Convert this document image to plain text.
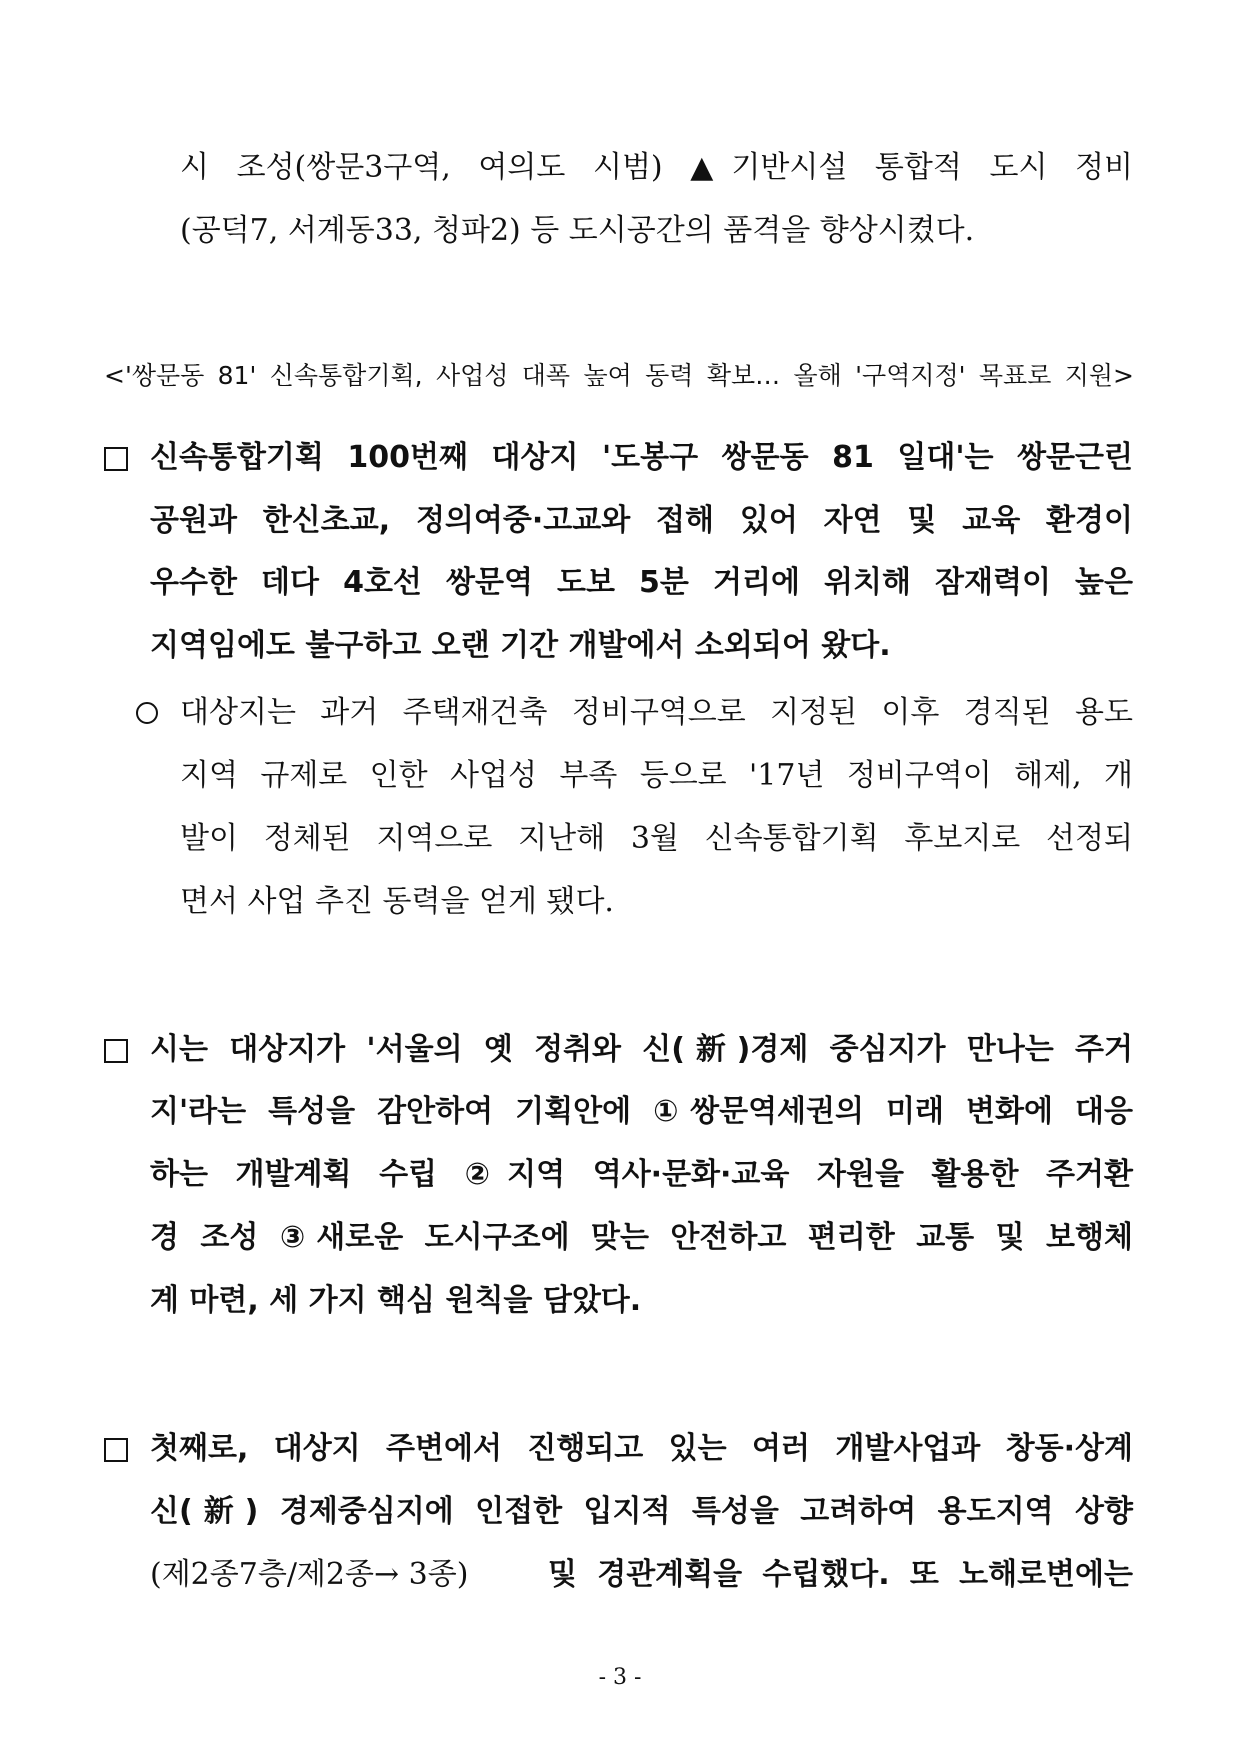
시 조성(쌍문3구역, 여의도 시범) ▲기반시설 통합적 도시 정비
(공덕7, 서계동33, 청파2) 등 도시공간의 품격을 향상시켰다.
<'쌍문동 81' 신속통합기획, 사업성 대폭 높여 동력 확보… 올해 '구역지정' 목표로 지원>
신속통합기획 100번째 대상지 '도봉구 쌍문동 81 일대'는 쌍문근린
공원과 한신초교, 정의여중·고교와 접해 있어 자연 및 교육 환경이
우수한 데다 4호선 쌍문역 도보 5분 거리에 위치해 잠재력이 높은
지역임에도 불구하고 오랜 기간 개발에서 소외되어 왔다.
대상지는 과거 주택재건축 정비구역으로 지정된 이후 경직된 용도
지역 규제로 인한 사업성 부족 등으로 '17년 정비구역이 해제, 개
발이 정체된 지역으로 지난해 3월 신속통합기획 후보지로 선정되
면서 사업 추진 동력을 얻게 됐다.
시는 대상지가 '서울의 옛 정취와 신(新)경제 중심지가 만나는 주거
지'라는 특성을 감안하여 기획안에 ①쌍문역세권의 미래 변화에 대응
하는 개발계획 수립 ②지역 역사·문화·교육 자원을 활용한 주거환
경 조성 ③새로운 도시구조에 맞는 안전하고 편리한 교통 및 보행체
계 마련, 세 가지 핵심 원칙을 담았다.
첫째로, 대상지 주변에서 진행되고 있는 여러 개발사업과 창동·상계
신(新) 경제중심지에 인접한 입지적 특성을 고려하여 용도지역 상향
(제2종7층/제2종→ 3종)	및 경관계획을 수립했다. 또 노해로변에는
- 3 -
